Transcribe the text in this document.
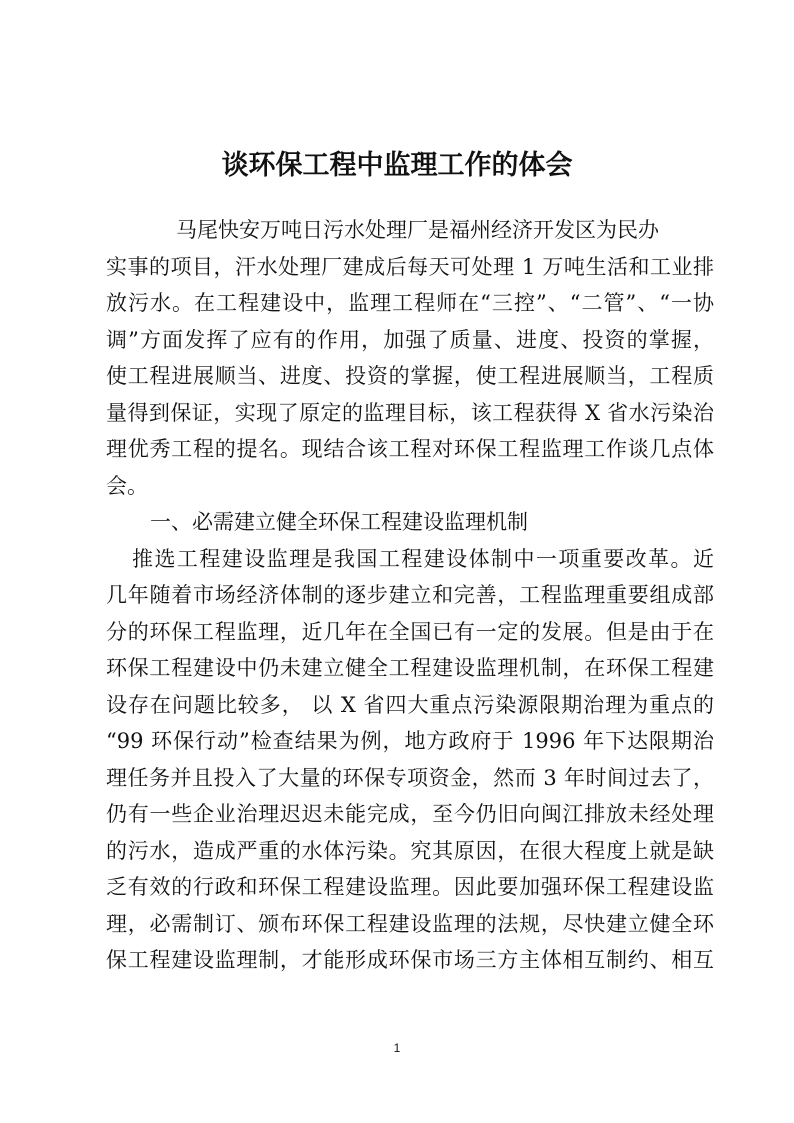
谈环保工程中监理工作的体会
马尾快安万吨日污水处理厂是福州经济开发区为民办
实事的项目，汗水处理厂建成后每天可处理 1 万吨生活和工业排
放污水。在工程建设中，监理工程师在“三控”、“二管”、“一协
调”方面发挥了应有的作用，加强了质量、进度、投资的掌握，
使工程进展顺当、进度、投资的掌握，使工程进展顺当，工程质
量得到保证，实现了原定的监理目标，该工程获得 X 省水污染治
理优秀工程的提名。现结合该工程对环保工程监理工作谈几点体
会。
一、必需建立健全环保工程建设监理机制
推选工程建设监理是我国工程建设体制中一项重要改革。近
几年随着市场经济体制的逐步建立和完善，工程监理重要组成部
分的环保工程监理，近几年在全国已有一定的发展。但是由于在
环保工程建设中仍未建立健全工程建设监理机制，在环保工程建
设存在问题比较多， 以 X 省四大重点污染源限期治理为重点的
“99 环保行动”检查结果为例，地方政府于 1996 年下达限期治
理任务并且投入了大量的环保专项资金，然而 3 年时间过去了，
仍有一些企业治理迟迟未能完成，至今仍旧向闽江排放未经处理
的污水，造成严重的水体污染。究其原因，在很大程度上就是缺
乏有效的行政和环保工程建设监理。因此要加强环保工程建设监
理，必需制订、颁布环保工程建设监理的法规，尽快建立健全环
保工程建设监理制，才能形成环保市场三方主体相互制约、相互
1
